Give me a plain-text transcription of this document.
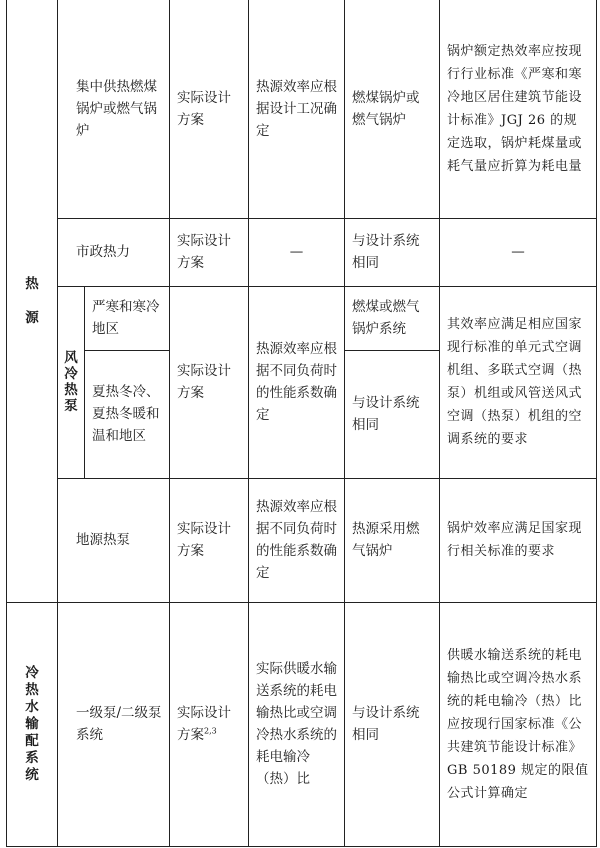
热源	集中供热燃煤锅炉或燃气锅炉		实际设计方案	热源效率应根据设计工况确定	燃煤锅炉或燃气锅炉	锅炉额定热效率应按现行行业标准《严寒和寒冷地区居住建筑节能设计标准》JGJ 26 的规定选取，锅炉耗煤量或耗气量应折算为耗电量
	市政热力		实际设计方案	—	与设计系统相同	—
	风冷热泵	严寒和寒冷地区	实际设计方案	热源效率应根据不同负荷时的性能系数确定	燃煤或燃气锅炉系统	其效率应满足相应国家现行标准的单元式空调机组、多联式空调（热泵）机组或风管送风式空调（热泵）机组的空调系统的要求
		夏热冬冷、夏热冬暖和温和地区			与设计系统相同	
	地源热泵		实际设计方案	热源效率应根据不同负荷时的性能系数确定	热源采用燃气锅炉	锅炉效率应满足国家现行相关标准的要求
冷热水输配系统	一级泵/二级泵系统		实际设计方案$^{2,3}$	实际供暖水输送系统的耗电输热比或空调冷热水系统的耗电输冷（热）比	与设计系统相同	供暖水输送系统的耗电输热比或空调冷热水系统的耗电输冷（热）比应按现行国家标准《公共建筑节能设计标准》GB 50189 规定的限值公式计算确定
